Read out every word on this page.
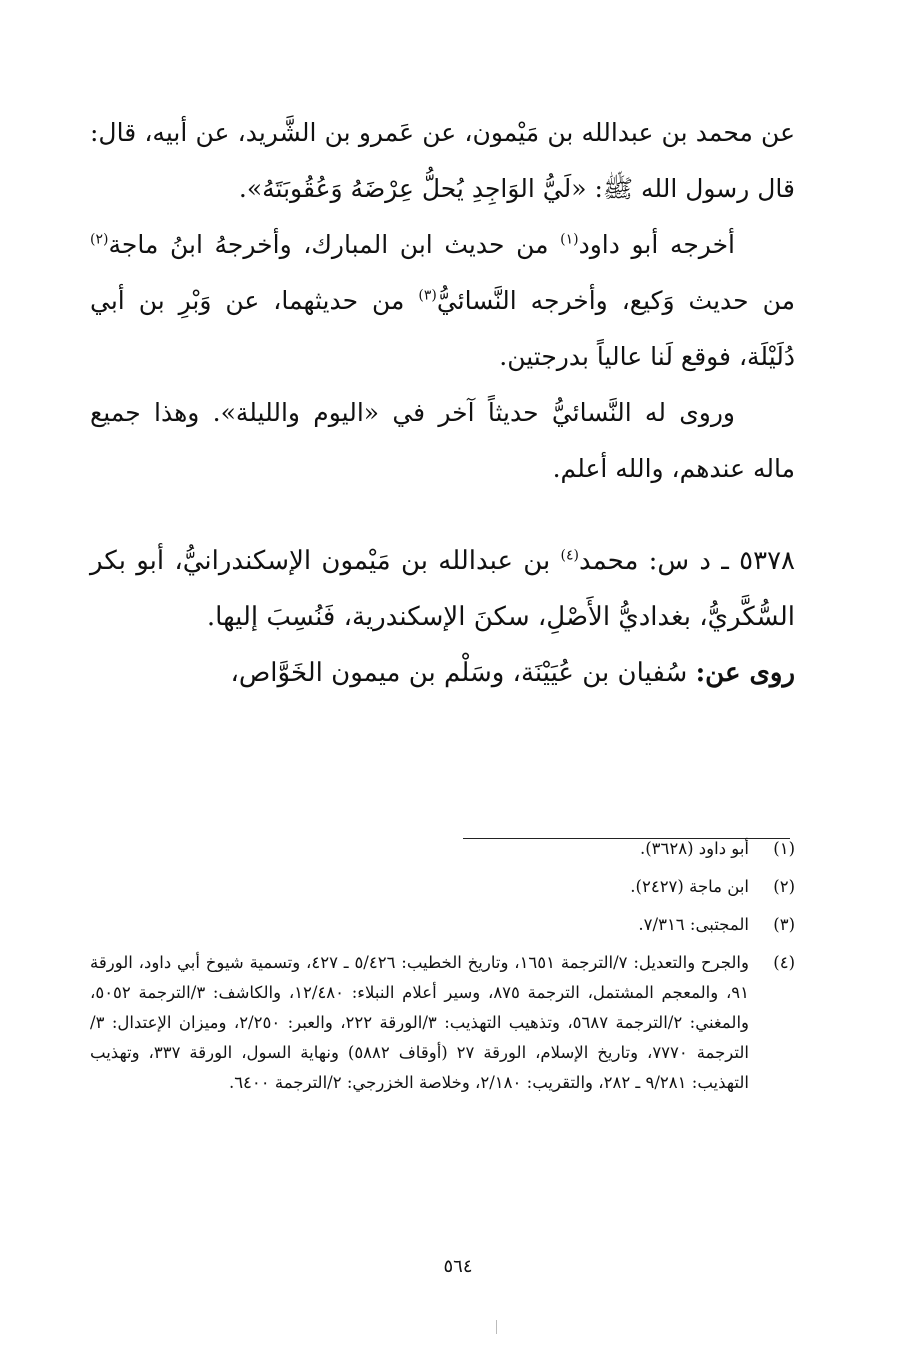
عن محمد بن عبدالله بن مَيْمون، عن عَمرو بن الشَّريد، عن أبيه، قال: قال رسول الله ﷺ: «لَيُّ الوَاجِدِ يُحلُّ عِرْضَهُ وَعُقُوبَتَهُ».

أخرجه أبو داود$^{(١)}$ من حديث ابن المبارك، وأخرجهُ ابنُ ماجة$^{(٢)}$ من حديث وَكيع، وأخرجه النَّسائيُّ$^{(٣)}$ من حديثهما، عن وَبْرِ بن أبي دُلَيْلَة، فوقع لَنا عالياً بدرجتين.

وروى له النَّسائيُّ حديثاً آخر في «اليوم والليلة». وهذا جميع ماله عندهم، والله أعلم.

٥٣٧٨ ـ د س: محمد$^{(٤)}$ بن عبدالله بن مَيْمون الإسكندرانيُّ، أبو بكر السُّكَّريُّ، بغداديُّ الأَصْلِ، سكنَ الإسكندرية، فَنُسِبَ إليها.

روى عن: سُفيان بن عُيَيْنَة، وسَلْم بن ميمون الخَوَّاص،

(١)
أبو داود (٣٦٢٨).
(٢)
ابن ماجة (٢٤٢٧).
(٣)
المجتبى: ٧/٣١٦.
(٤)
والجرح والتعديل: ٧/الترجمة ١٦٥١، وتاريخ الخطيب: ٥/٤٢٦ ـ ٤٢٧، وتسمية شيوخ أبي داود، الورقة ٩١، والمعجم المشتمل، الترجمة ٨٧٥، وسير أعلام النبلاء: ١٢/٤٨٠، والكاشف: ٣/الترجمة ٥٠٥٢، والمغني: ٢/الترجمة ٥٦٨٧، وتذهيب التهذيب: ٣/الورقة ٢٢٢، والعبر: ٢/٢٥٠، وميزان الإعتدال: ٣/الترجمة ٧٧٧٠، وتاريخ الإسلام، الورقة ٢٧ (أوقاف ٥٨٨٢) ونهاية السول، الورقة ٣٣٧، وتهذيب التهذيب: ٩/٢٨١ ـ ٢٨٢، والتقريب: ٢/١٨٠، وخلاصة الخزرجي: ٢/الترجمة ٦٤٠٠.
٥٦٤
